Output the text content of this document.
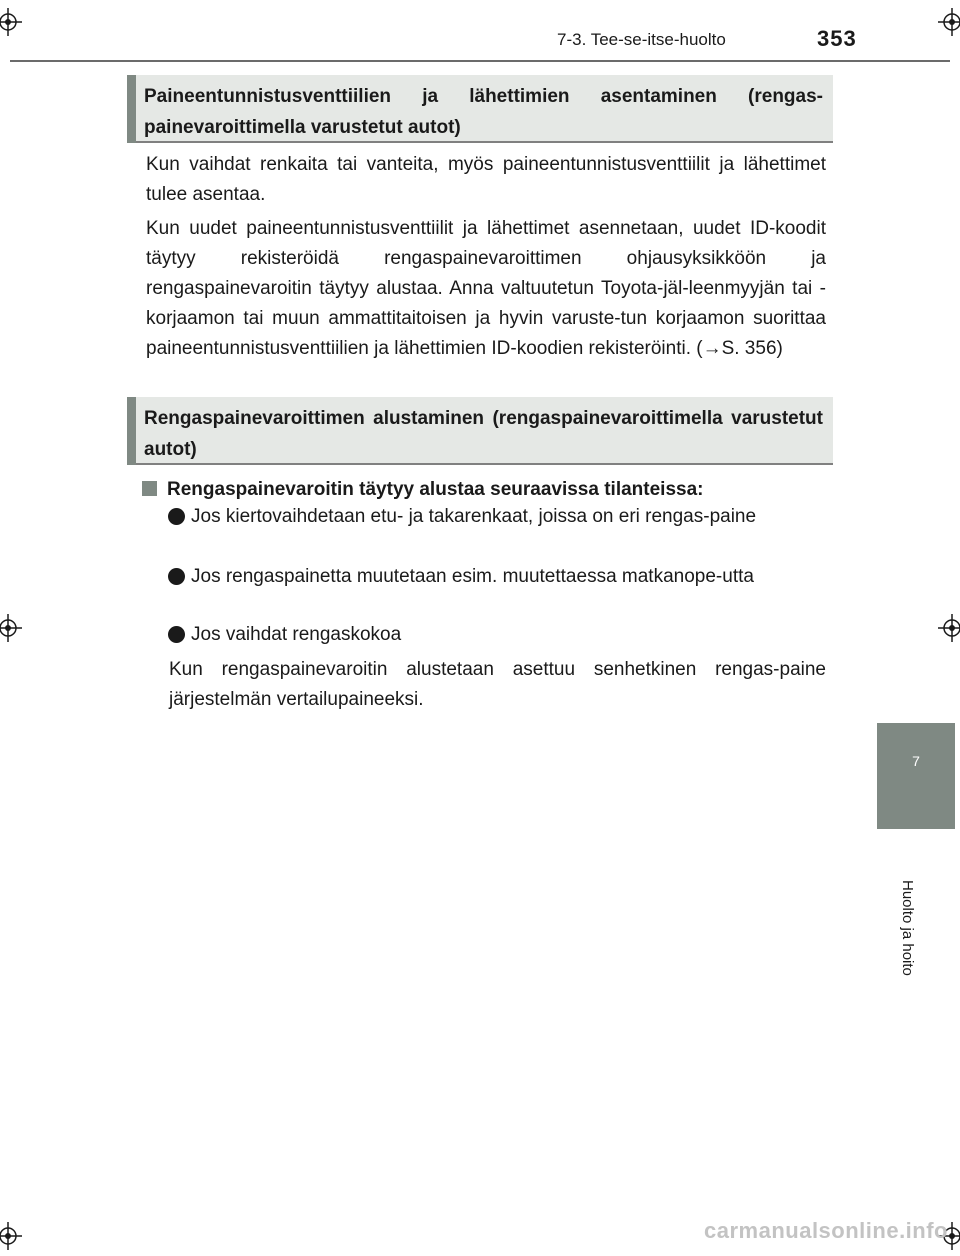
7-3. Tee-se-itse-huolto	353
7
Huolto ja hoito
Paineentunnistusventtiilien ja lähettimien asentaminen (rengas-painevaroittimella varustetut autot)
Kun vaihdat renkaita tai vanteita, myös paineentunnistusventtiilit ja lähettimet tulee asentaa.
Kun uudet paineentunnistusventtiilit ja lähettimet asennetaan, uudet ID-koodit täytyy rekisteröidä rengaspainevaroittimen ohjausyksikköön ja rengaspainevaroitin täytyy alustaa. Anna valtuutetun Toyota-jäl-leenmyyjän tai -korjaamon tai muun ammattitaitoisen ja hyvin varuste-tun korjaamon suorittaa paineentunnistusventtiilien ja lähettimien ID-koodien rekisteröinti. (→S. 356)
Rengaspainevaroittimen alustaminen (rengaspainevaroittimella varustetut autot)
Rengaspainevaroitin täytyy alustaa seuraavissa tilanteissa:
Jos kiertovaihdetaan etu- ja takarenkaat, joissa on eri rengas-paine
Jos rengaspainetta muutetaan esim. muutettaessa matkanope-utta
Jos vaihdat rengaskokoa
Kun rengaspainevaroitin alustetaan asettuu senhetkinen rengas-paine järjestelmän vertailupaineeksi.
carmanualsonline.info
